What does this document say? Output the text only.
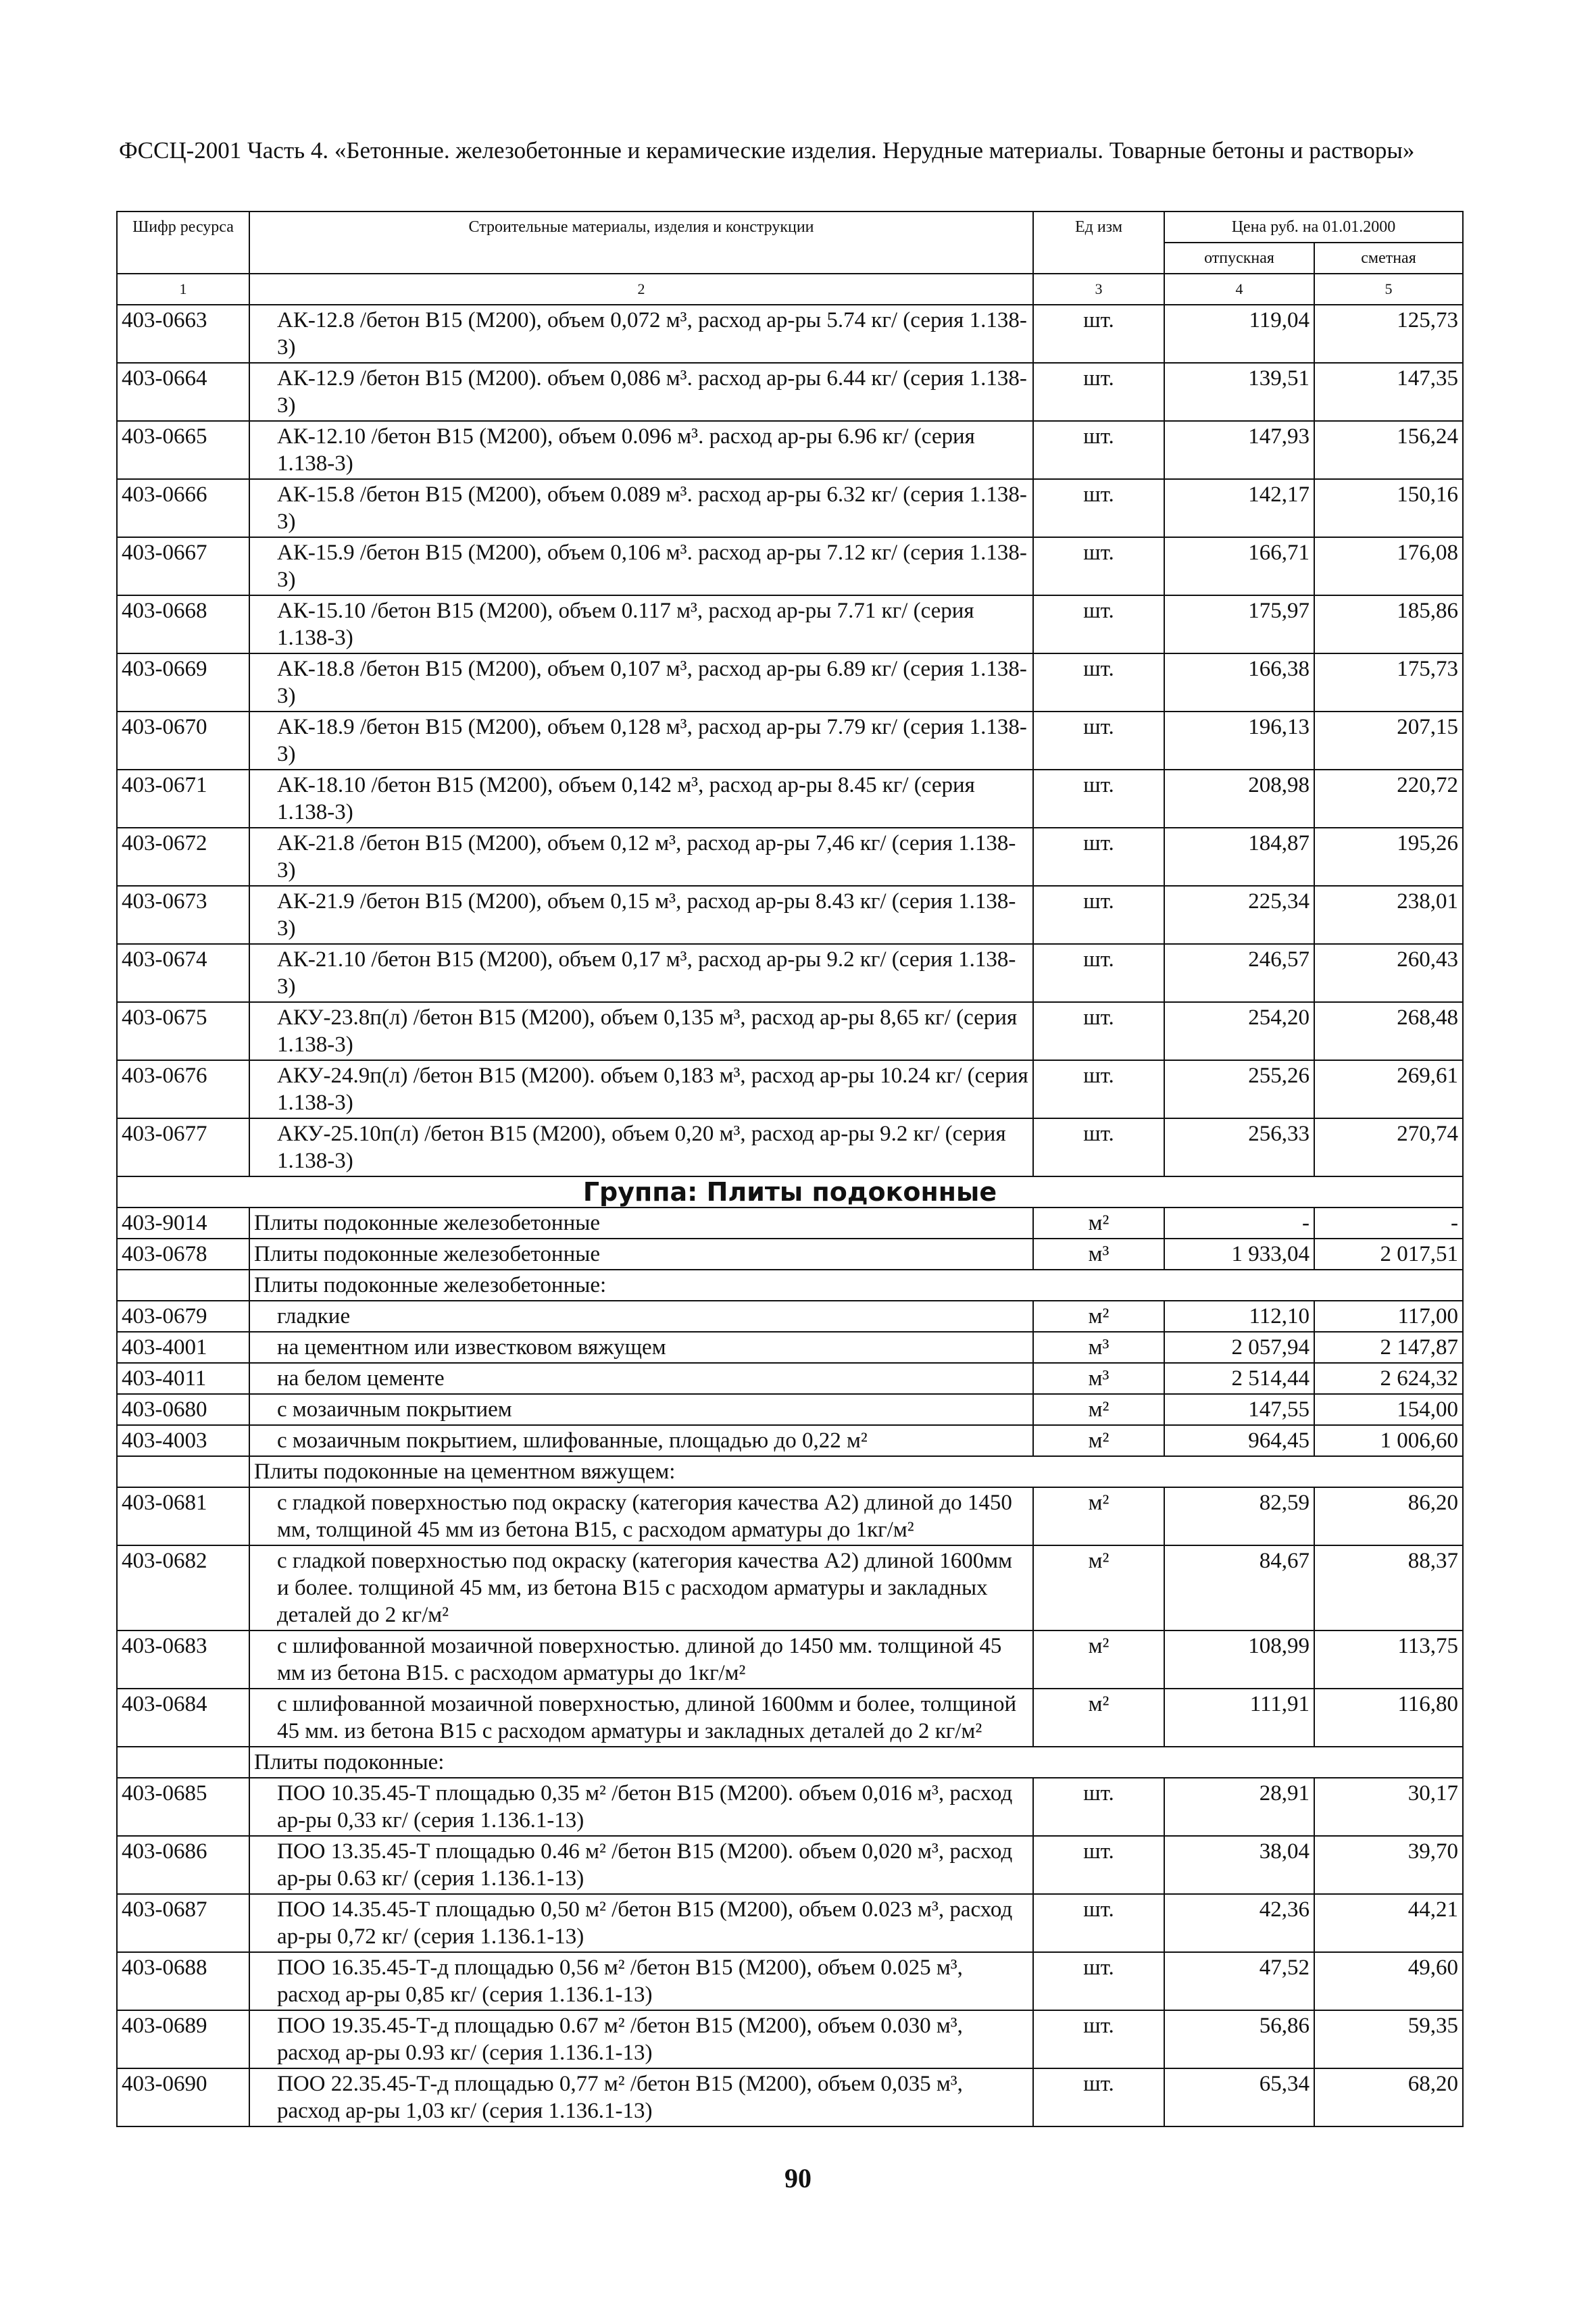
ФССЦ-2001 Часть 4. «Бетонные. железобетонные и керамические изделия. Нерудные материалы. Товарные бетоны и растворы»
Шифр ресурса	Строительные материалы, изделия и конструкции	Ед изм	Цена руб. на 01.01.2000	
			отпускная	сметная
1	2	3	4	5
403-0663	АК-12.8 /бетон В15 (М200), объем 0,072 м³, расход ар-ры 5.74 кг/ (серия 1.138-3)	шт.	119,04	125,73
403-0664	АК-12.9 /бетон В15 (М200). объем 0,086 м³. расход ар-ры 6.44 кг/ (серия 1.138-3)	шт.	139,51	147,35
403-0665	АК-12.10 /бетон В15 (М200), объем 0.096 м³. расход ар-ры 6.96 кг/ (серия 1.138-3)	шт.	147,93	156,24
403-0666	АК-15.8 /бетон В15 (М200), объем 0.089 м³. расход ар-ры 6.32 кг/ (серия 1.138-3)	шт.	142,17	150,16
403-0667	АК-15.9 /бетон В15 (М200), объем 0,106 м³. расход ар-ры 7.12 кг/ (серия 1.138-3)	шт.	166,71	176,08
403-0668	АК-15.10 /бетон В15 (М200), объем 0.117 м³, расход ар-ры 7.71 кг/ (серия 1.138-3)	шт.	175,97	185,86
403-0669	АК-18.8 /бетон В15 (М200), объем 0,107 м³, расход ар-ры 6.89 кг/ (серия 1.138-3)	шт.	166,38	175,73
403-0670	АК-18.9 /бетон В15 (М200), объем 0,128 м³, расход ар-ры 7.79 кг/ (серия 1.138-3)	шт.	196,13	207,15
403-0671	АК-18.10 /бетон В15 (М200), объем 0,142 м³, расход ар-ры 8.45 кг/ (серия 1.138-3)	шт.	208,98	220,72
403-0672	АК-21.8 /бетон В15 (М200), объем 0,12 м³, расход ар-ры 7,46 кг/ (серия 1.138-3)	шт.	184,87	195,26
403-0673	АК-21.9 /бетон В15 (М200), объем 0,15 м³, расход ар-ры 8.43 кг/ (серия 1.138-3)	шт.	225,34	238,01
403-0674	АК-21.10 /бетон В15 (М200), объем 0,17 м³, расход ар-ры 9.2 кг/ (серия 1.138-3)	шт.	246,57	260,43
403-0675	АКУ-23.8п(л) /бетон В15 (М200), объем 0,135 м³, расход ар-ры 8,65 кг/ (серия 1.138-3)	шт.	254,20	268,48
403-0676	АКУ-24.9п(л) /бетон В15 (М200). объем 0,183 м³, расход ар-ры 10.24 кг/ (серия 1.138-3)	шт.	255,26	269,61
403-0677	АКУ-25.10п(л) /бетон В15 (М200), объем 0,20 м³, расход ар-ры 9.2 кг/ (серия 1.138-3)	шт.	256,33	270,74
Группа: Плиты подоконные				
403-9014	Плиты подоконные железобетонные	м²	-	-
403-0678	Плиты подоконные железобетонные	м³	1 933,04	2 017,51
	Плиты подоконные железобетонные:			
403-0679	гладкие	м²	112,10	117,00
403-4001	на цементном или известковом вяжущем	м³	2 057,94	2 147,87
403-4011	на белом цементе	м³	2 514,44	2 624,32
403-0680	с мозаичным покрытием	м²	147,55	154,00
403-4003	с мозаичным покрытием, шлифованные, площадью до 0,22 м²	м²	964,45	1 006,60
	Плиты подоконные на цементном вяжущем:			
403-0681	с гладкой поверхностью под окраску (категория качества А2) длиной до 1450 мм, толщиной 45 мм из бетона В15, с расходом арматуры до 1кг/м²	м²	82,59	86,20
403-0682	с гладкой поверхностью под окраску (категория качества А2) длиной 1600мм и более. толщиной 45 мм, из бетона В15 с расходом арматуры и закладных деталей до 2 кг/м²	м²	84,67	88,37
403-0683	с шлифованной мозаичной поверхностью. длиной до 1450 мм. толщиной 45 мм из бетона В15. с расходом арматуры до 1кг/м²	м²	108,99	113,75
403-0684	с шлифованной мозаичной поверхностью, длиной 1600мм и более, толщиной 45 мм. из бетона В15 с расходом арматуры и закладных деталей до 2 кг/м²	м²	111,91	116,80
	Плиты подоконные:			
403-0685	ПОО 10.35.45-Т площадью 0,35 м² /бетон В15 (М200). объем 0,016 м³, расход ар-ры 0,33 кг/ (серия 1.136.1-13)	шт.	28,91	30,17
403-0686	ПОО 13.35.45-Т площадью 0.46 м² /бетон В15 (М200). объем 0,020 м³, расход ар-ры 0.63 кг/ (серия 1.136.1-13)	шт.	38,04	39,70
403-0687	ПОО 14.35.45-Т площадью 0,50 м² /бетон В15 (М200), объем 0.023 м³, расход ар-ры 0,72 кг/ (серия 1.136.1-13)	шт.	42,36	44,21
403-0688	ПОО 16.35.45-Т-д площадью 0,56 м² /бетон В15 (М200), объем 0.025 м³, расход ар-ры 0,85 кг/ (серия 1.136.1-13)	шт.	47,52	49,60
403-0689	ПОО 19.35.45-Т-д площадью 0.67 м² /бетон В15 (М200), объем 0.030 м³, расход ар-ры 0.93 кг/ (серия 1.136.1-13)	шт.	56,86	59,35
403-0690	ПОО 22.35.45-Т-д площадью 0,77 м² /бетон В15 (М200), объем 0,035 м³, расход ар-ры 1,03 кг/ (серия 1.136.1-13)	шт.	65,34	68,20
90
